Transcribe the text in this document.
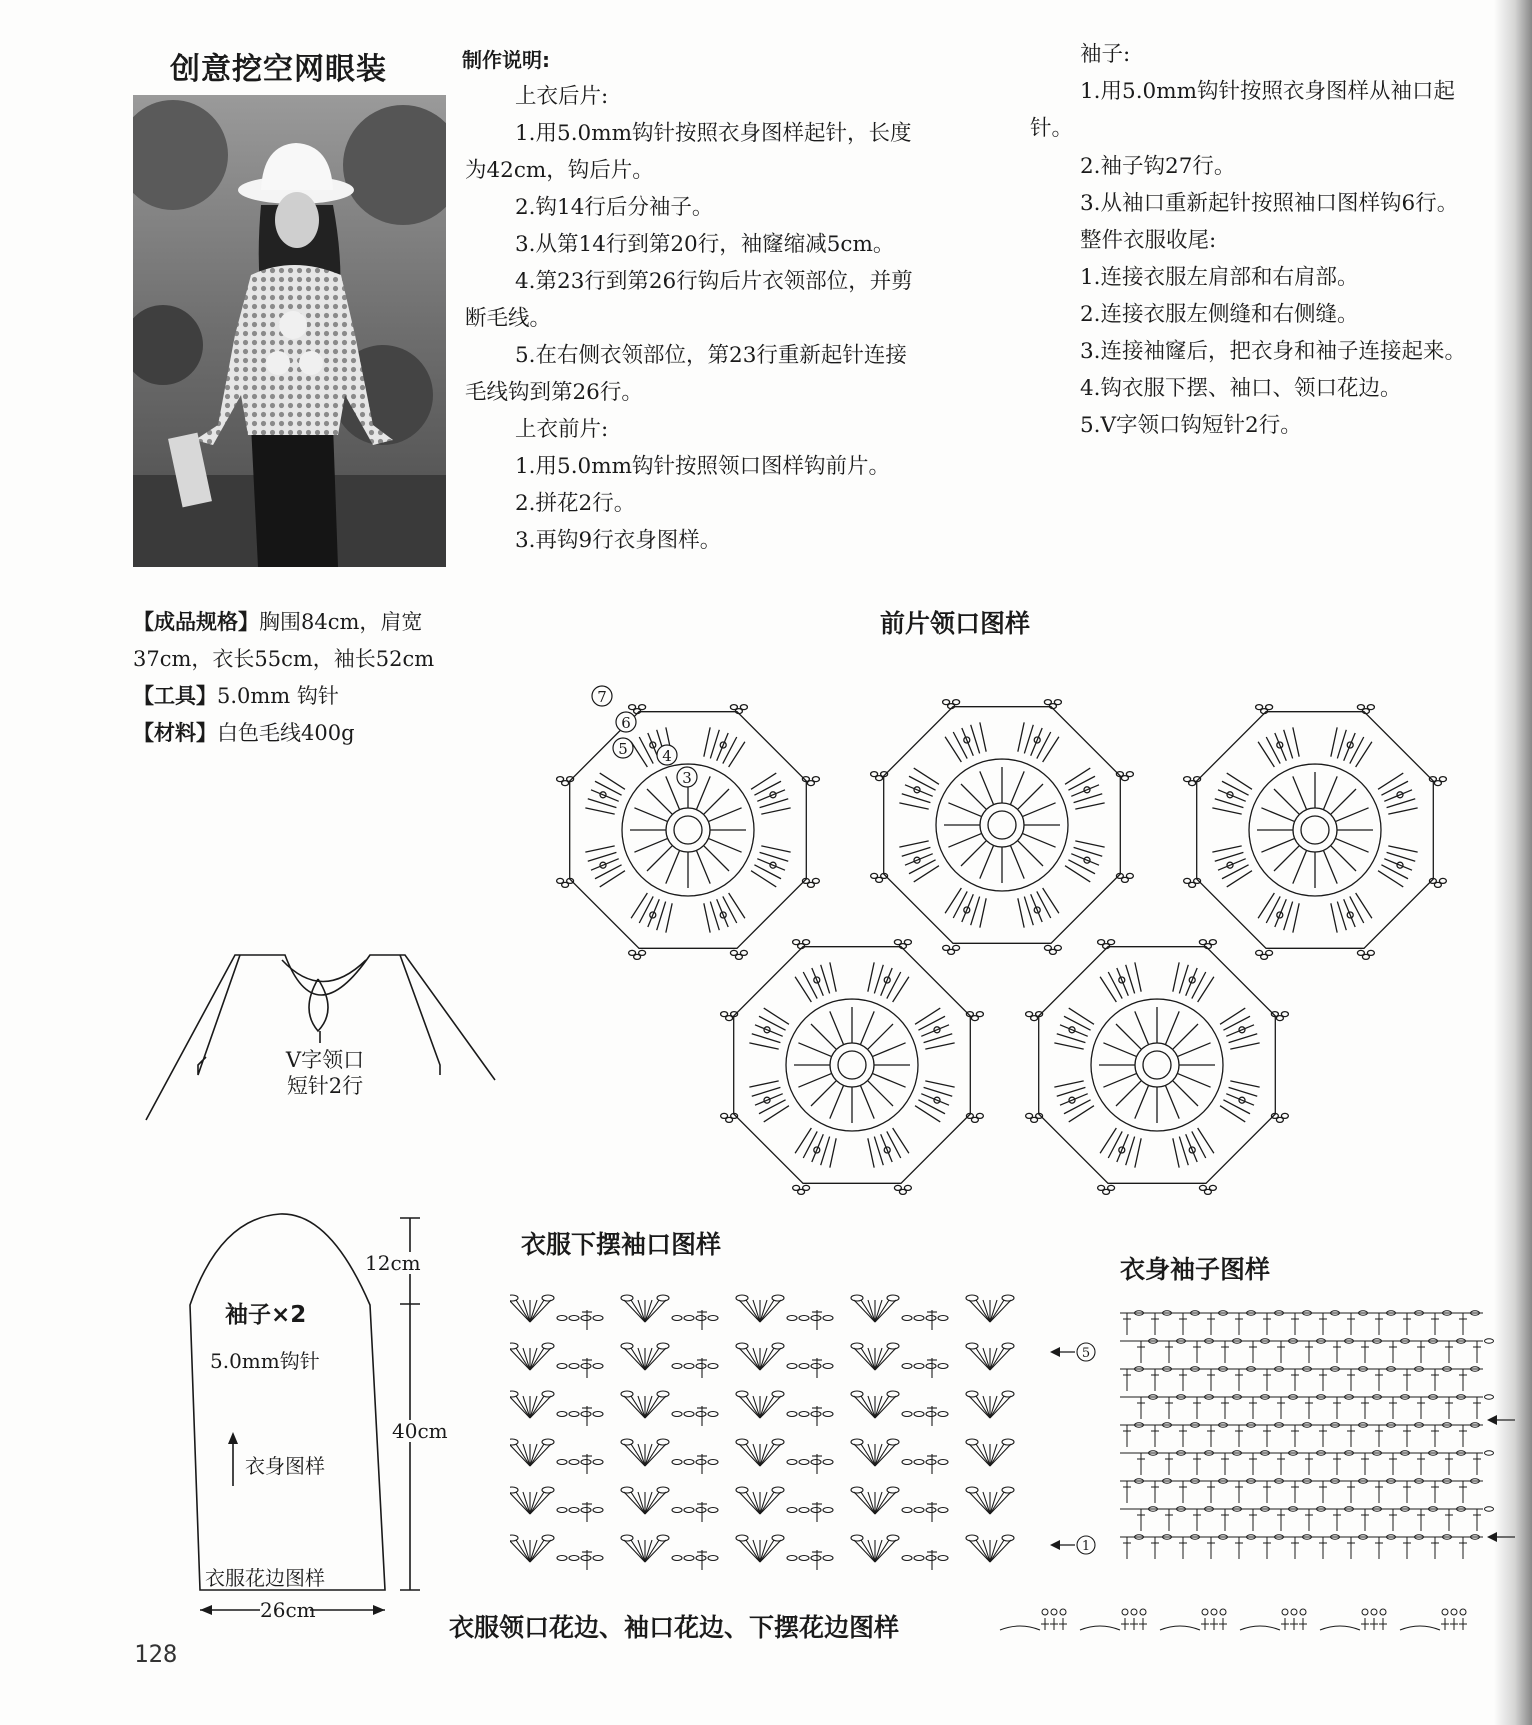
创意挖空网眼装	制作说明:
上衣后片:
1.用5.0mm钩针按照衣身图样起针，长度
为42cm，钩后片。
2.钩14行后分袖子。
3.从第14行到第20行，袖窿缩减5cm。
4.第23行到第26行钩后片衣领部位，并剪
断毛线。
5.在右侧衣领部位，第23行重新起针连接
毛线钩到第26行。
上衣前片:
1.用5.0mm钩针按照领口图样钩前片。
2.拼花2行。
3.再钩9行衣身图样。
袖子:
1.用5.0mm钩针按照衣身图样从袖口起
针。
2.袖子钩27行。
3.从袖口重新起针按照袖口图样钩6行。
整件衣服收尾:
1.连接衣服左肩部和右肩部。
2.连接衣服左侧缝和右侧缝。
3.连接袖窿后，把衣身和袖子连接起来。
4.钩衣服下摆、袖口、领口花边。
5.V字领口钩短针2行。
【成品规格】胸围84cm，肩宽
37cm，衣长55cm，袖长52cm
【工具】5.0mm 钩针
【材料】白色毛线400g
V字领口
短针2行
袖子×2
5.0mm钩针
衣身图样
12cm
40cm
衣服花边图样
26cm
前片领口图样
7
6
5 4
3
衣服下摆袖口图样
5
1
衣身袖子图样
衣服领口花边、袖口花边、下摆花边图样
128
